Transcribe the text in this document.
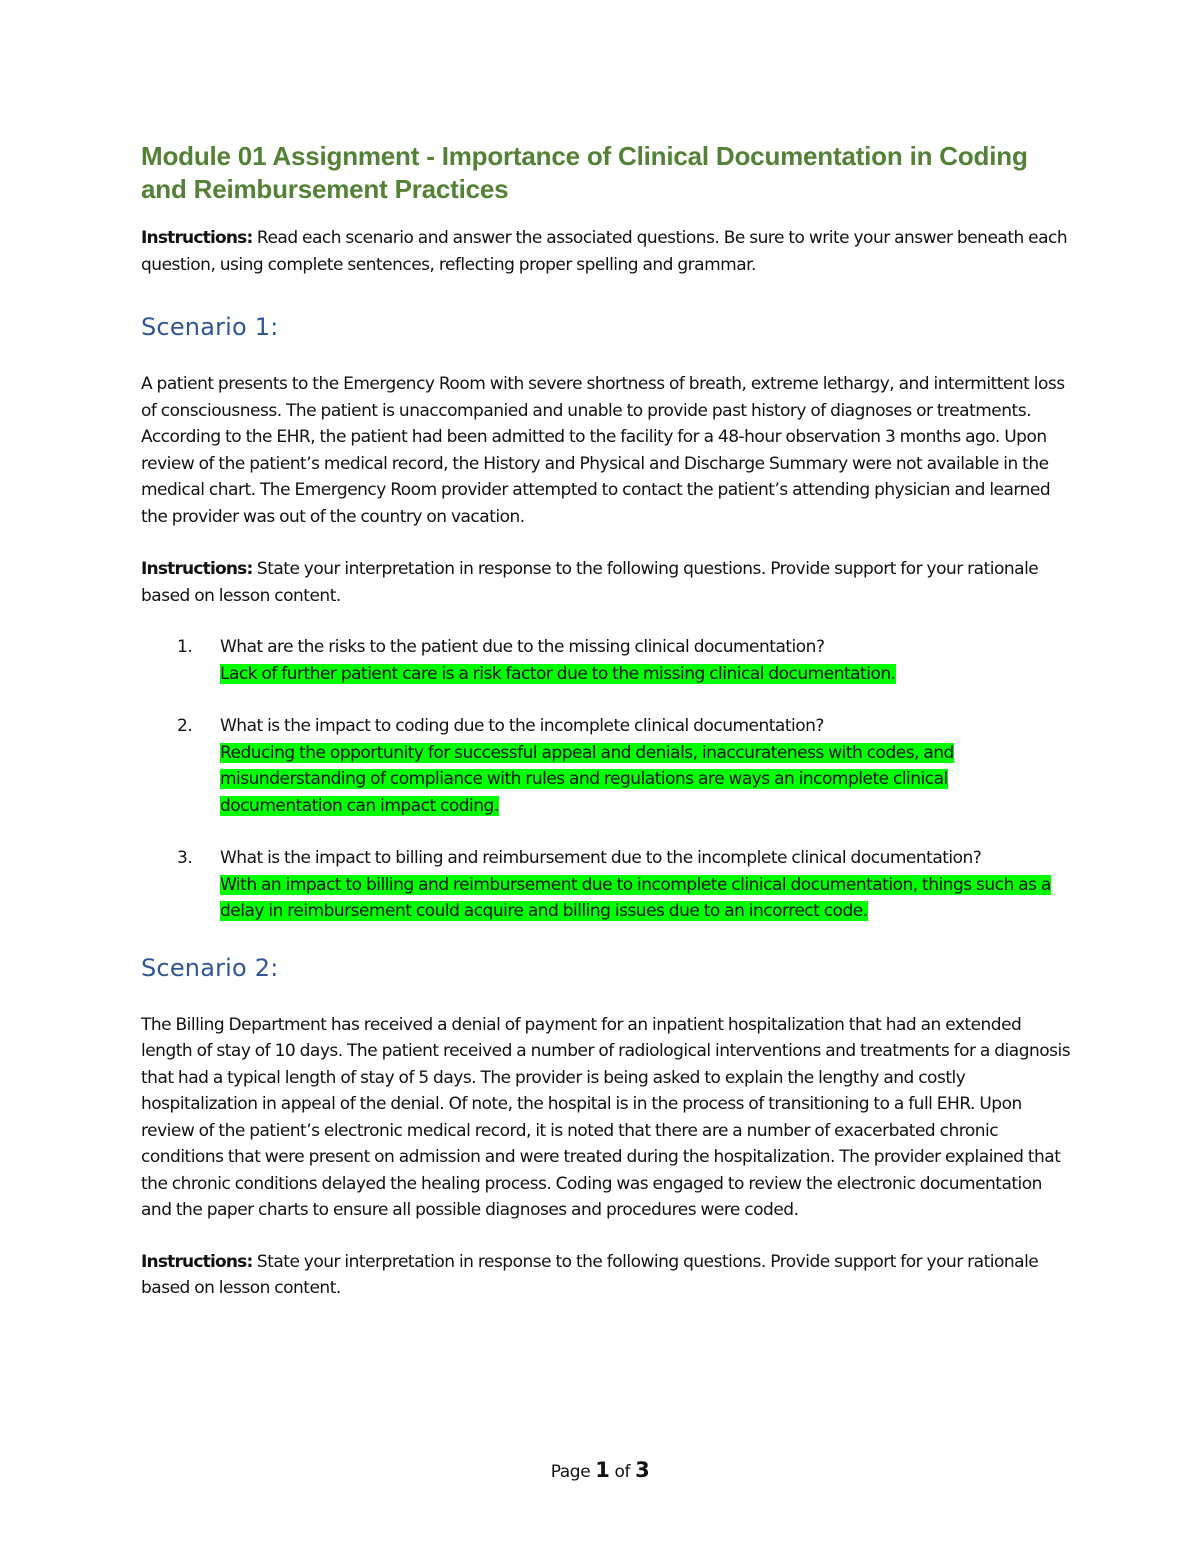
Module 01 Assignment - Importance of Clinical Documentation in Coding and Reimbursement Practices

Instructions: Read each scenario and answer the associated questions. Be sure to write your answer beneath each question, using complete sentences, reflecting proper spelling and grammar.

Scenario 1:

A patient presents to the Emergency Room with severe shortness of breath, extreme lethargy, and intermittent loss of consciousness. The patient is unaccompanied and unable to provide past history of diagnoses or treatments. According to the EHR, the patient had been admitted to the facility for a 48-hour observation 3 months ago. Upon review of the patient’s medical record, the History and Physical and Discharge Summary were not available in the medical chart. The Emergency Room provider attempted to contact the patient’s attending physician and learned the provider was out of the country on vacation.

Instructions: State your interpretation in response to the following questions. Provide support for your rationale based on lesson content.

1. What are the risks to the patient due to the missing clinical documentation?
Lack of further patient care is a risk factor due to the missing clinical documentation.
2. What is the impact to coding due to the incomplete clinical documentation?
Reducing the opportunity for successful appeal and denials, inaccurateness with codes, and misunderstanding of compliance with rules and regulations are ways an incomplete clinical documentation can impact coding.
3. What is the impact to billing and reimbursement due to the incomplete clinical documentation?
With an impact to billing and reimbursement due to incomplete clinical documentation, things such as a delay in reimbursement could acquire and billing issues due to an incorrect code.
Scenario 2:

The Billing Department has received a denial of payment for an inpatient hospitalization that had an extended length of stay of 10 days. The patient received a number of radiological interventions and treatments for a diagnosis that had a typical length of stay of 5 days. The provider is being asked to explain the lengthy and costly hospitalization in appeal of the denial. Of note, the hospital is in the process of transitioning to a full EHR. Upon review of the patient’s electronic medical record, it is noted that there are a number of exacerbated chronic conditions that were present on admission and were treated during the hospitalization. The provider explained that the chronic conditions delayed the healing process. Coding was engaged to review the electronic documentation and the paper charts to ensure all possible diagnoses and procedures were coded.

Instructions: State your interpretation in response to the following questions. Provide support for your rationale based on lesson content.

Page 1 of 3
